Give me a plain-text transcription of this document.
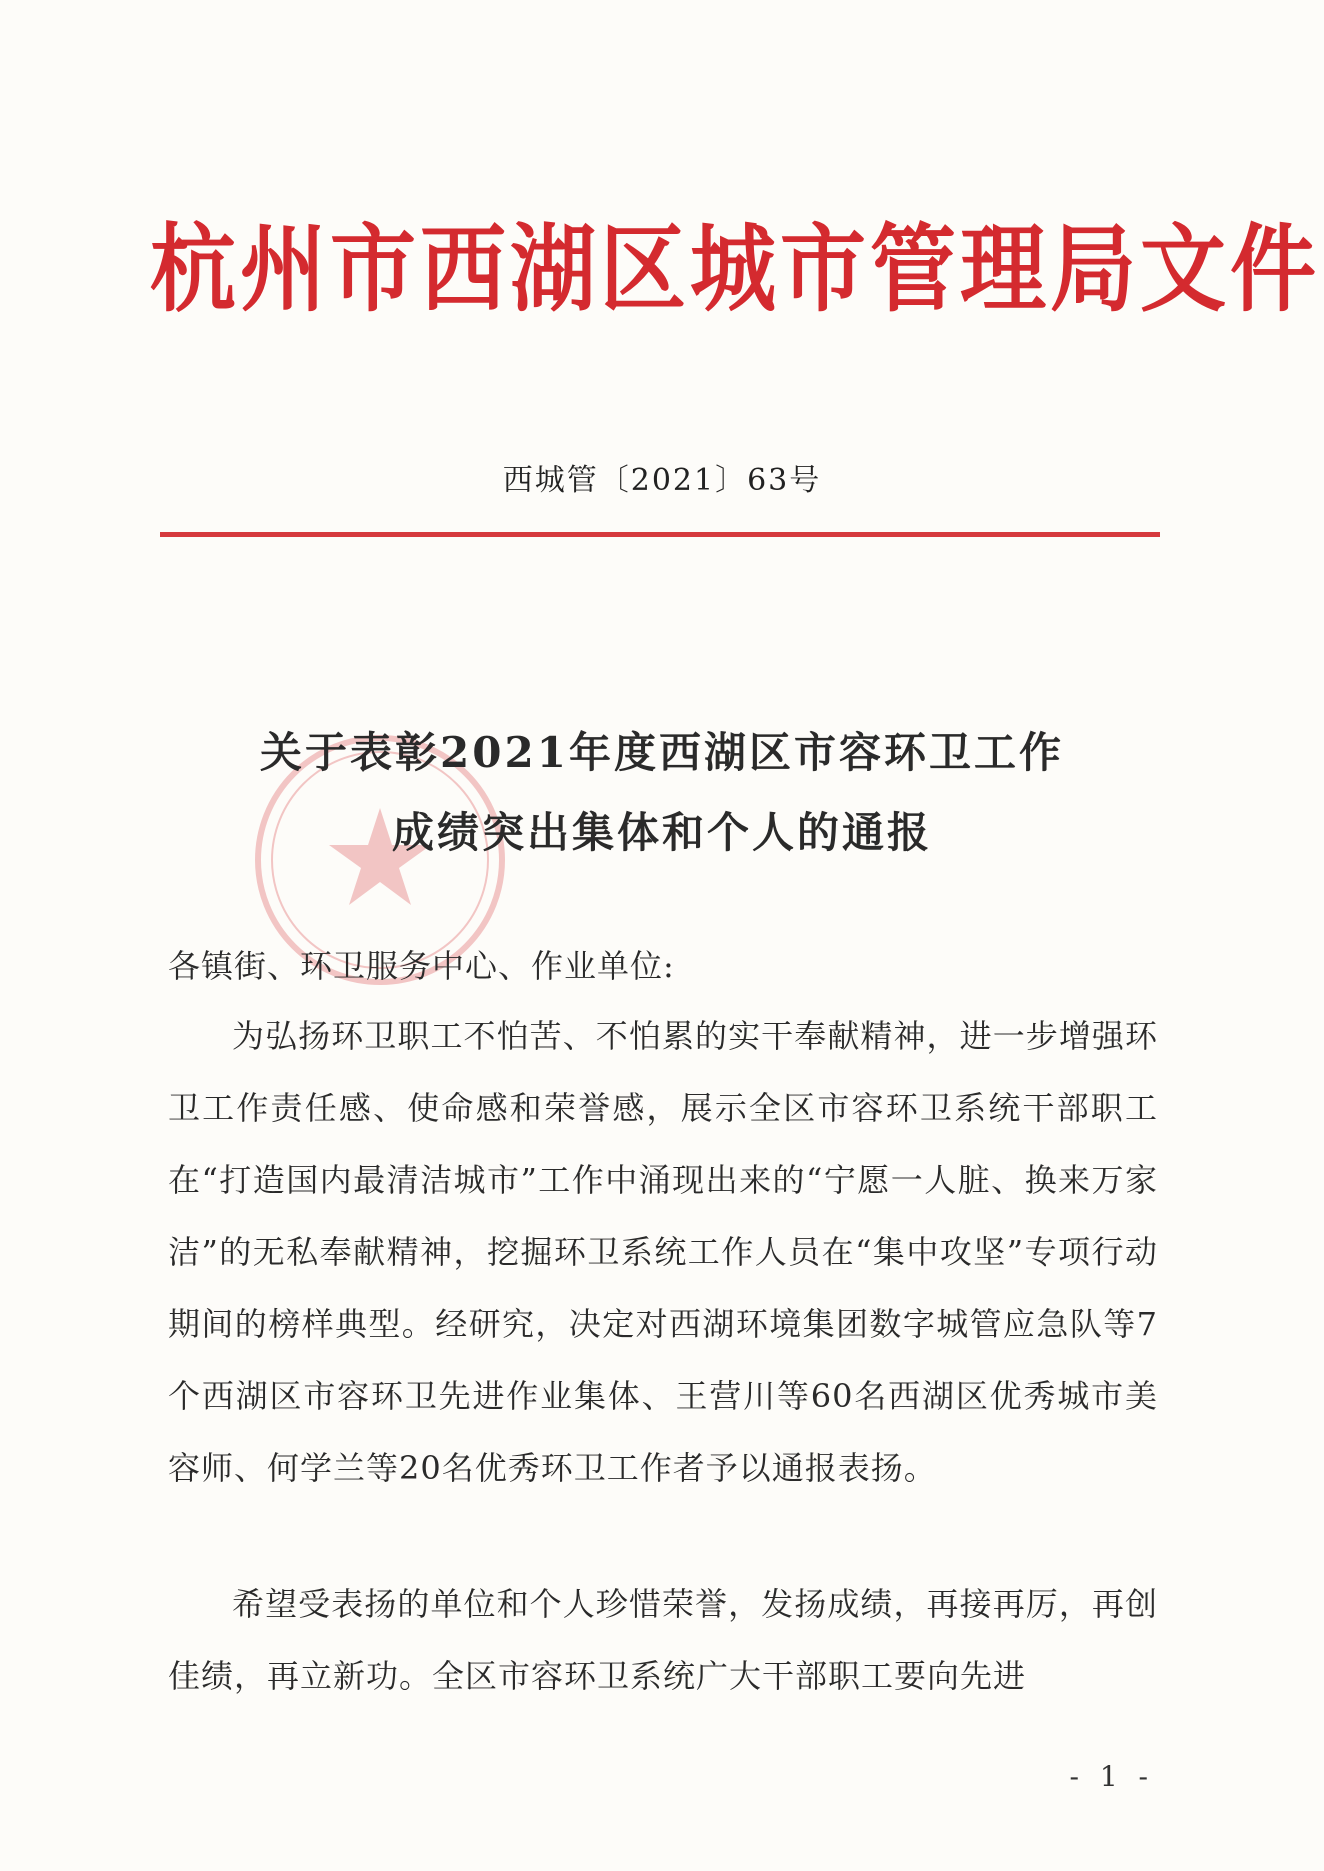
杭州市西湖区城市管理局文件
西城管〔2021〕63号
关于表彰2021年度西湖区市容环卫工作
成绩突出集体和个人的通报
各镇街、环卫服务中心、作业单位:
为弘扬环卫职工不怕苦、不怕累的实干奉献精神，进一步增强环卫工作责任感、使命感和荣誉感，展示全区市容环卫系统干部职工在“打造国内最清洁城市”工作中涌现出来的“宁愿一人脏、换来万家洁”的无私奉献精神，挖掘环卫系统工作人员在“集中攻坚”专项行动期间的榜样典型。经研究，决定对西湖环境集团数字城管应急队等7个西湖区市容环卫先进作业集体、王营川等60名西湖区优秀城市美容师、何学兰等20名优秀环卫工作者予以通报表扬。
希望受表扬的单位和个人珍惜荣誉，发扬成绩，再接再厉，再创佳绩，再立新功。全区市容环卫系统广大干部职工要向先进
- 1 -
